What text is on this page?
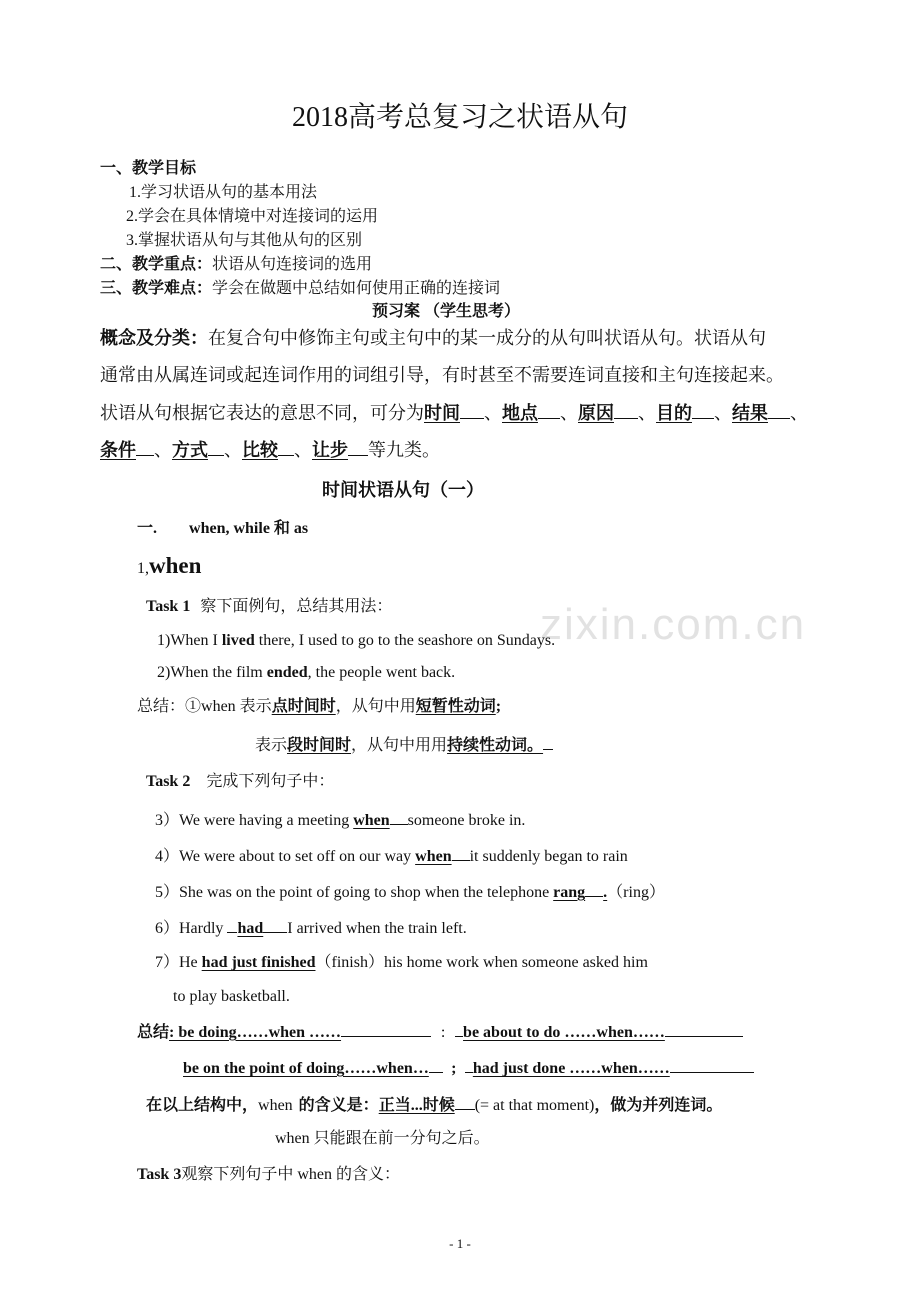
zixin.com.cn
2018高考总复习之状语从句
一、教学目标
1.学习状语从句的基本用法
2.学会在具体情境中对连接词的运用
3.掌握状语从句与其他从句的区别
二、教学重点：状语从句连接词的选用
三、教学难点：学会在做题中总结如何使用正确的连接词
预习案 （学生思考）
概念及分类：在复合句中修饰主句或主句中的某一成分的从句叫状语从句。状语从句
通常由从属连词或起连词作用的词组引导，有时甚至不需要连词直接和主句连接起来。
状语从句根据它表达的意思不同，可分为时间 、地点 、原因 、目的 、结果 、
条件 、方式 、比较 、让步 等九类。
时间状语从句（一）
一. when, while 和 as
1,when
Task 1 察下面例句，总结其用法：
1)When I lived there, I used to go to the seashore on Sundays.
2)When the film ended, the people went back.
总结：①when 表示点时间时，从句中用短暂性动词;
表示段时间时，从句中用用持续性动词。
Task 2 完成下列句子中：
3）We were having a meeting when someone broke in.
4）We were about to set off on our way when it suddenly began to rain
5）She was on the point of going to shop when the telephone rang .（ring）
6）Hardly had I arrived when the train left.
7）He had just finished（finish）his home work when someone asked him
to play basketball.
总结: be doing……when ……	: be about to do ……when……
be on the point of doing……when… ; had just done ……when……
在以上结构中，when 的含义是：正当...时候 (= at that moment)，做为并列连词。
when 只能跟在前一分句之后。
Task 3观察下列句子中 when 的含义：
- 1 -
